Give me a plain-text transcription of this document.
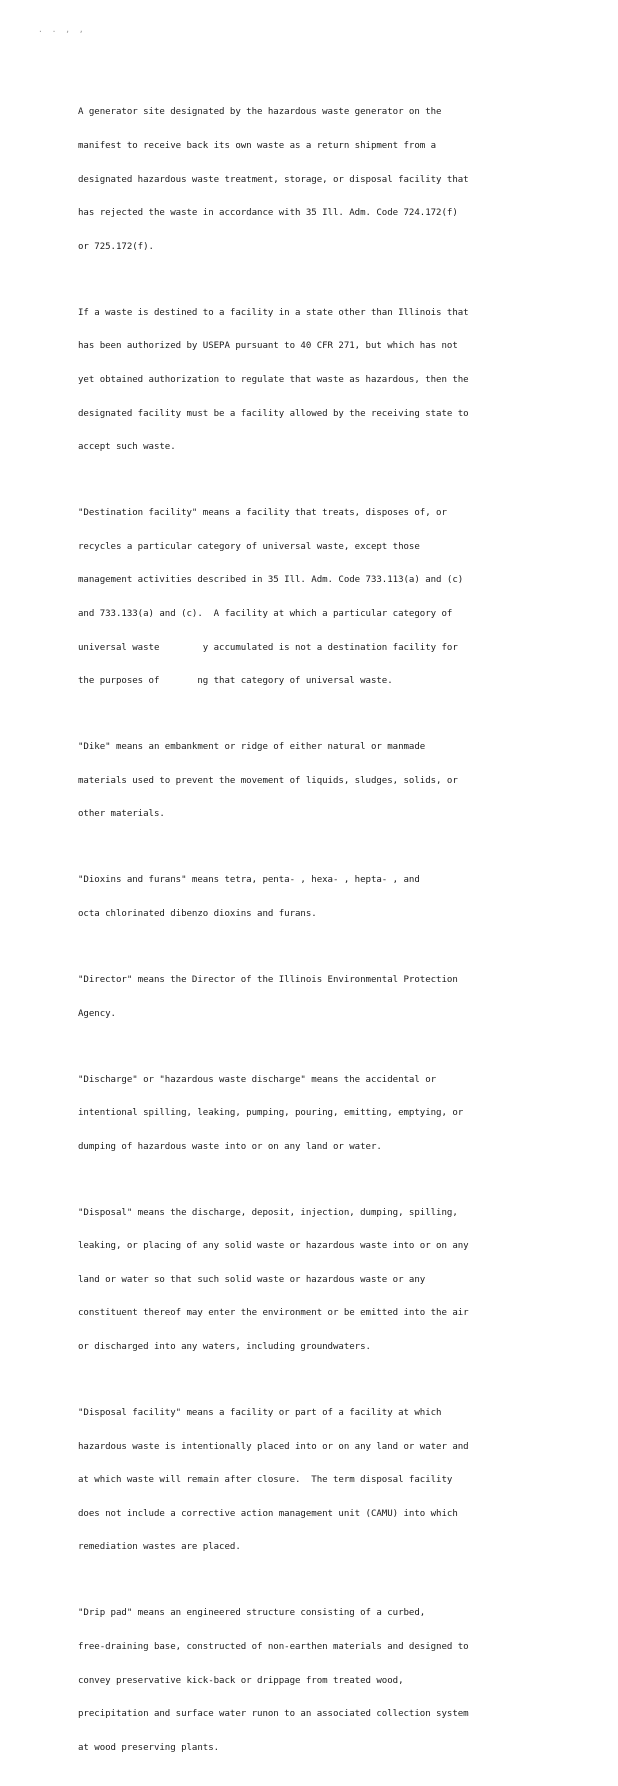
. . , ,

A generator site designated by the hazardous waste generator on the

manifest to receive back its own waste as a return shipment from a

designated hazardous waste treatment, storage, or disposal facility that

has rejected the waste in accordance with 35 Ill. Adm. Code 724.172(f)

or 725.172(f).

If a waste is destined to a facility in a state other than Illinois that

has been authorized by USEPA pursuant to 40 CFR 271, but which has not

yet obtained authorization to regulate that waste as hazardous, then the

designated facility must be a facility allowed by the receiving state to

accept such waste.

"Destination facility" means a facility that treats, disposes of, or

recycles a particular category of universal waste, except those

management activities described in 35 Ill. Adm. Code 733.113(a) and (c)

and 733.133(a) and (c).  A facility at which a particular category of

universal waste        y accumulated is not a destination facility for

the purposes of       ng that category of universal waste.

"Dike" means an embankment or ridge of either natural or manmade

materials used to prevent the movement of liquids, sludges, solids, or

other materials.

"Dioxins and furans" means tetra, penta- , hexa- , hepta- , and

octa chlorinated dibenzo dioxins and furans.

"Director" means the Director of the Illinois Environmental Protection

Agency.

"Discharge" or "hazardous waste discharge" means the accidental or

intentional spilling, leaking, pumping, pouring, emitting, emptying, or

dumping of hazardous waste into or on any land or water.

"Disposal" means the discharge, deposit, injection, dumping, spilling,

leaking, or placing of any solid waste or hazardous waste into or on any

land or water so that such solid waste or hazardous waste or any

constituent thereof may enter the environment or be emitted into the air

or discharged into any waters, including groundwaters.

"Disposal facility" means a facility or part of a facility at which

hazardous waste is intentionally placed into or on any land or water and

at which waste will remain after closure.  The term disposal facility

does not include a corrective action management unit (CAMU) into which

remediation wastes are placed.

"Drip pad" means an engineered structure consisting of a curbed,

free-draining base, constructed of non-earthen materials and designed to

convey preservative kick-back or drippage from treated wood,

precipitation and surface water runon to an associated collection system

at wood preserving plants.
